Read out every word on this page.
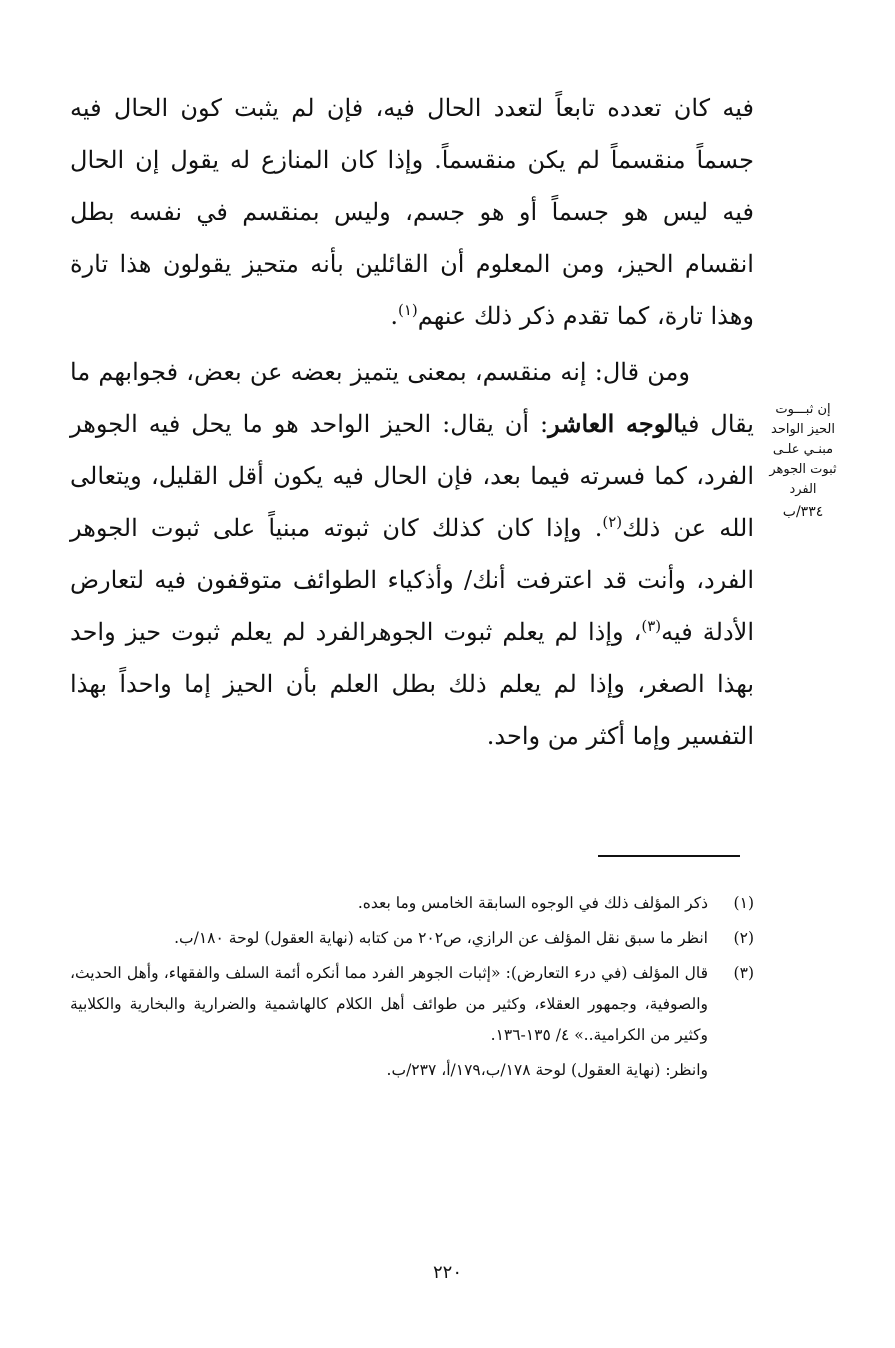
فيه كان تعدده تابعاً لتعدد الحال فيه، فإن لم يثبت كون الحال فيه جسماً منقسماً لم يكن منقسماً. وإذا كان المنازع له يقول إن الحال فيه ليس هو جسماً أو هو جسم، وليس بمنقسم في نفسه بطل انقسام الحيز، ومن المعلوم أن القائلين بأنه متحيز يقولون هذا تارة وهذا تارة، كما تقدم ذكر ذلك عنهم$^{(١)}$.

ومن قال: إنه منقسم، بمعنى يتميز بعضه عن بعض، فجوابهم ما يقال فيالوجه العاشر: أن يقال: الحيز الواحد هو ما يحل فيه الجوهر الفرد، كما فسرته فيما بعد، فإن الحال فيه يكون أقل القليل، ويتعالى الله عن ذلك$^{(٢)}$. وإذا كان كذلك كان ثبوته مبنياً على ثبوت الجوهر الفرد، وأنت قد اعترفت أنك/ وأذكياء الطوائف متوقفون فيه لتعارض الأدلة فيه$^{(٣)}$، وإذا لم يعلم ثبوت الجوهرالفرد لم يعلم ثبوت حيز واحد بهذا الصغر، وإذا لم يعلم ذلك بطل العلم بأن الحيز إما واحداً بهذا التفسير وإما أكثر من واحد.

إن ثبـــوت
الحيز الواحد
مبنـي علـى
ثبوت الجوهر
الفرد
٣٣٤/ب
(١)
ذكر المؤلف ذلك في الوجوه السابقة الخامس وما بعده.
(٢)
انظر ما سبق نقل المؤلف عن الرازي، ص٢٠٢ من كتابه (نهاية العقول) لوحة ١٨٠/ب.
(٣)
قال المؤلف (في درء التعارض): «إثبات الجوهر الفرد مما أنكره أئمة السلف والفقهاء، وأهل الحديث، والصوفية، وجمهور العقلاء، وكثير من طوائف أهل الكلام كالهاشمية والضرارية والبخارية والكلابية وكثير من الكرامية..» ٤/ ١٣٥-١٣٦.
وانظر: (نهاية العقول) لوحة ١٧٨/ب،١٧٩/أ، ٢٣٧/ب.
٢٢٠
